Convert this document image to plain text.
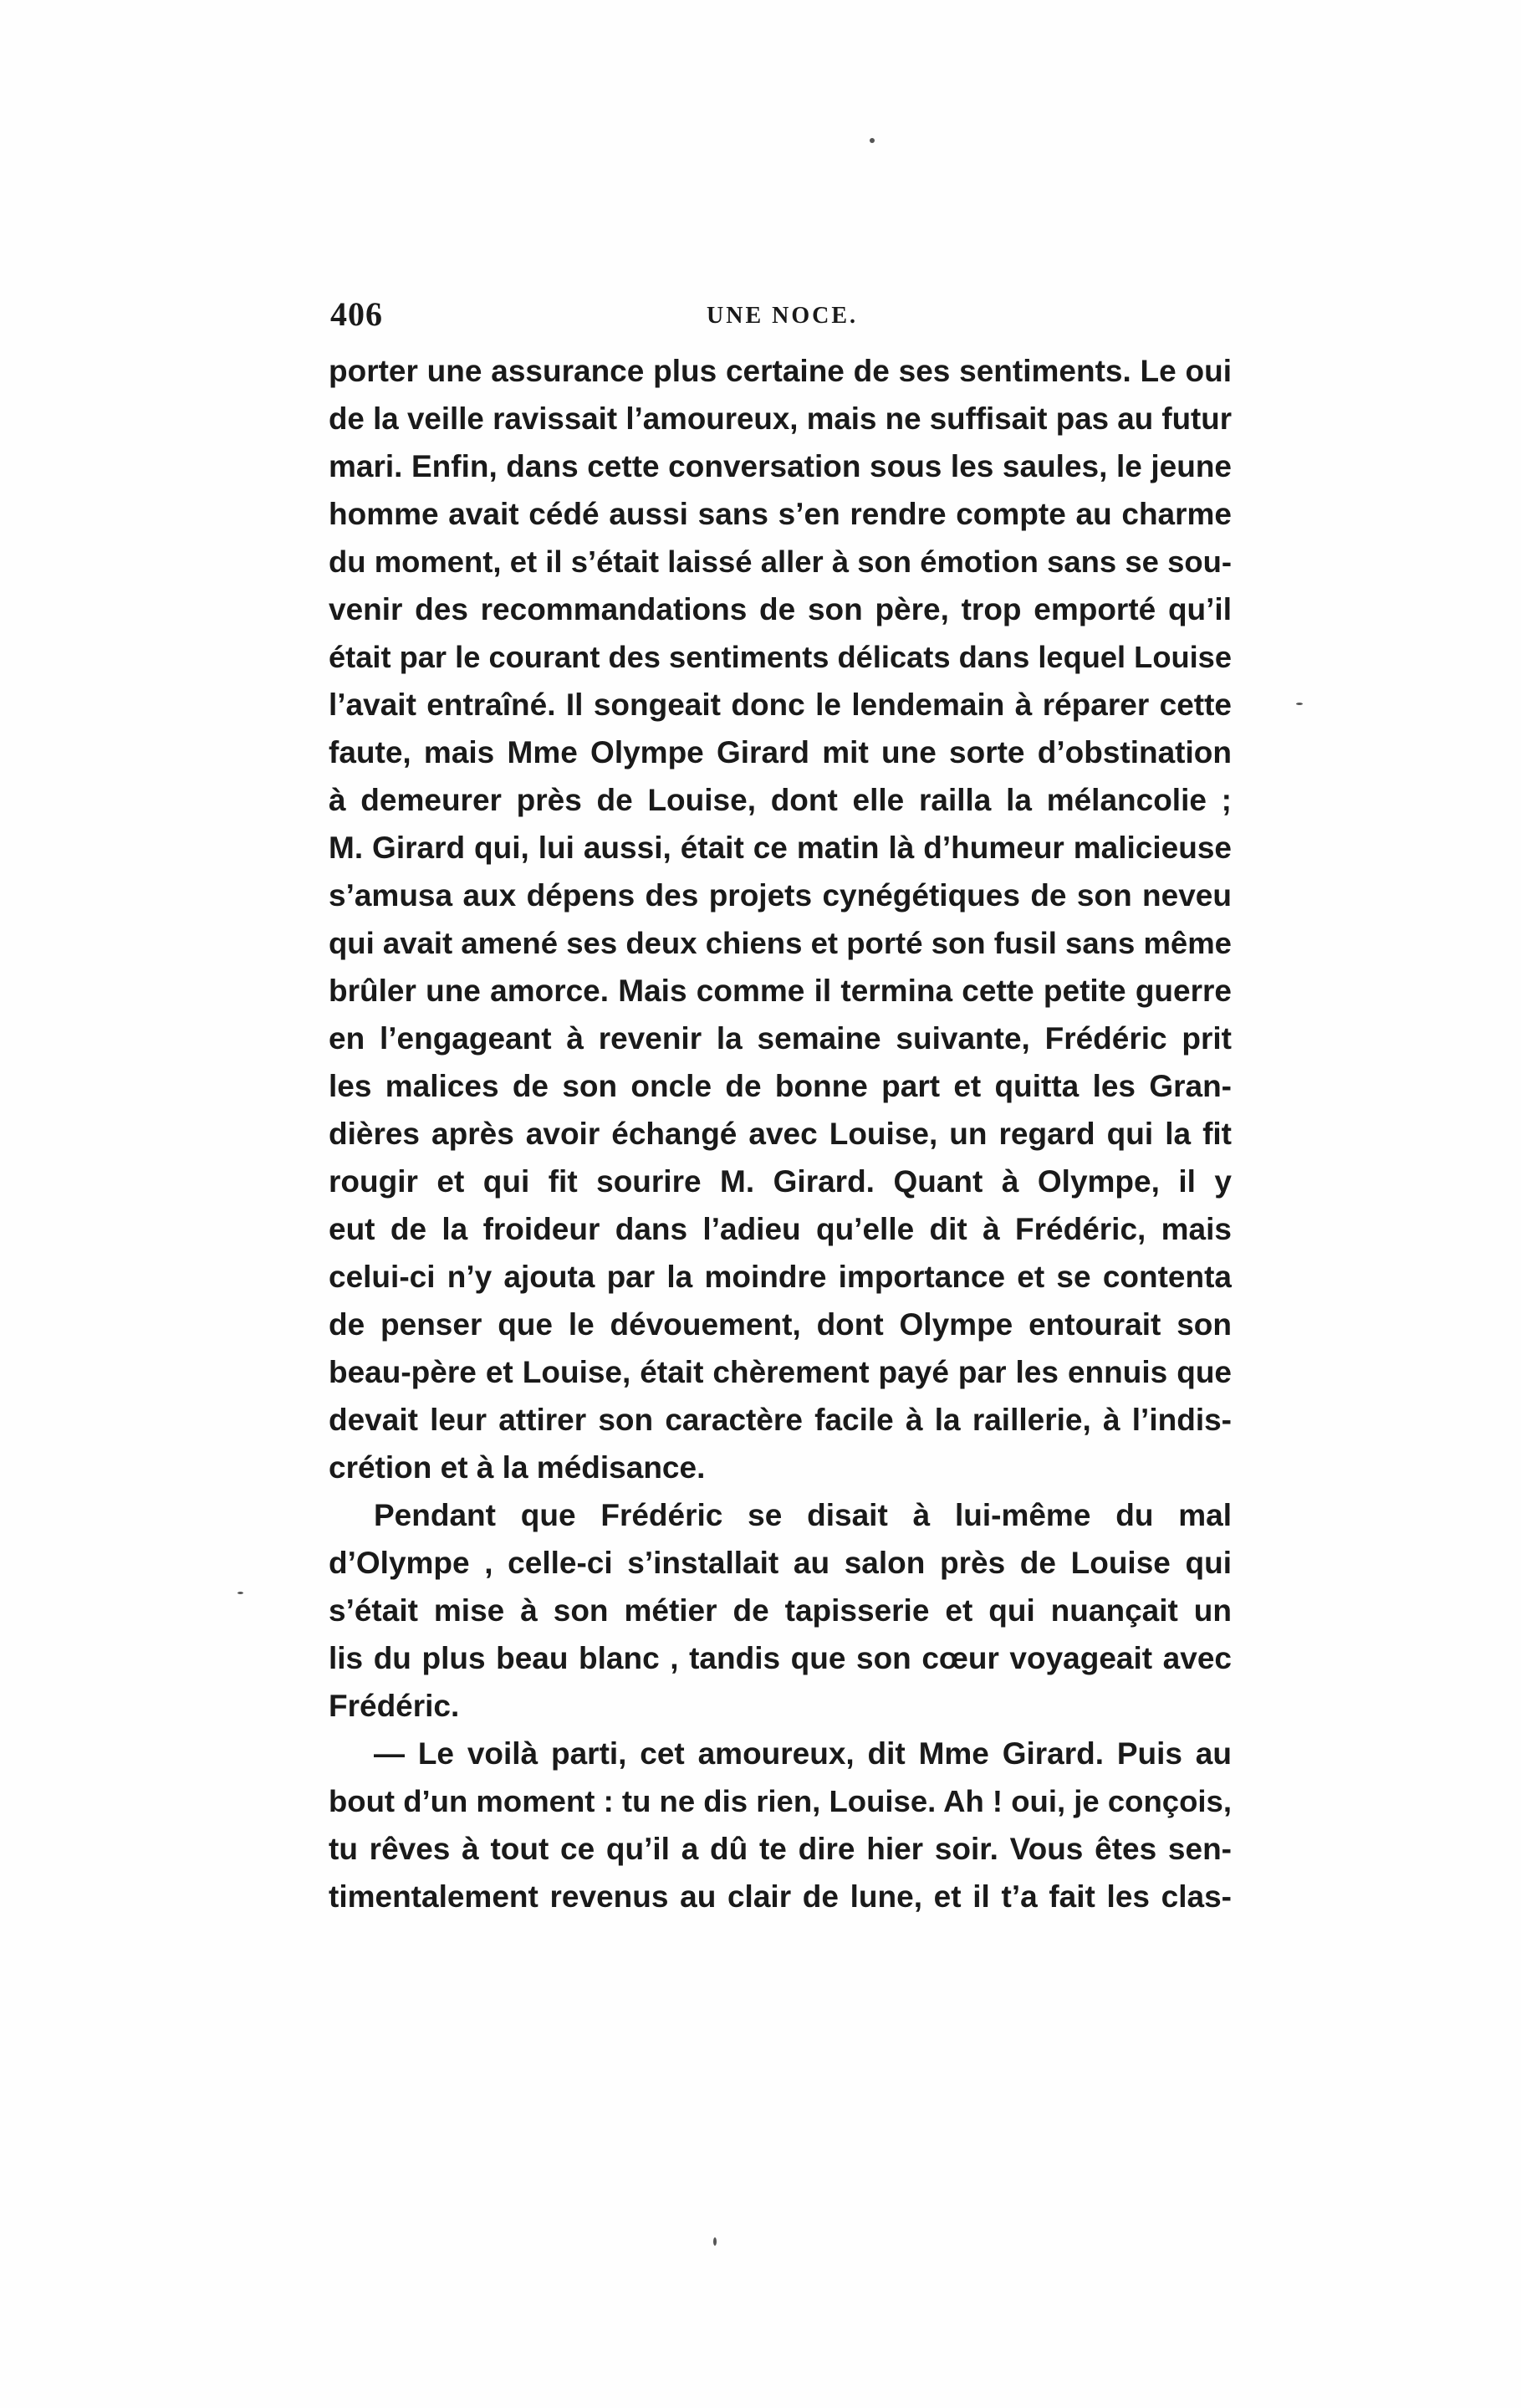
406	UNE NOCE.
porter une assurance plus certaine de ses sentiments. Le oui
de la veille ravissait l’amoureux, mais ne suffisait pas au futur
mari. Enfin, dans cette conversation sous les saules, le jeune
homme avait cédé aussi sans s’en rendre compte au charme
du moment, et il s’était laissé aller à son émotion sans se sou-
venir des recommandations de son père, trop emporté qu’il
était par le courant des sentiments délicats dans lequel Louise
l’avait entraîné. Il songeait donc le lendemain à réparer cette
faute, mais Mme Olympe Girard mit une sorte d’obstination
à demeurer près de Louise, dont elle railla la mélancolie ;
M. Girard qui, lui aussi, était ce matin là d’humeur malicieuse
s’amusa aux dépens des projets cynégétiques de son neveu
qui avait amené ses deux chiens et porté son fusil sans même
brûler une amorce. Mais comme il termina cette petite guerre
en l’engageant à revenir la semaine suivante, Frédéric prit
les malices de son oncle de bonne part et quitta les Gran-
dières après avoir échangé avec Louise, un regard qui la fit
rougir et qui fit sourire M. Girard. Quant à Olympe, il y
eut de la froideur dans l’adieu qu’elle dit à Frédéric, mais
celui-ci n’y ajouta par la moindre importance et se contenta
de penser que le dévouement, dont Olympe entourait son
beau-père et Louise, était chèrement payé par les ennuis que
devait leur attirer son caractère facile à la raillerie, à l’indis-
crétion et à la médisance.
Pendant que Frédéric se disait à lui-même du mal
d’Olympe , celle-ci s’installait au salon près de Louise qui
s’était mise à son métier de tapisserie et qui nuançait un
lis du plus beau blanc , tandis que son cœur voyageait avec
Frédéric.
— Le voilà parti, cet amoureux, dit Mme Girard. Puis au
bout d’un moment : tu ne dis rien, Louise. Ah ! oui, je conçois,
tu rêves à tout ce qu’il a dû te dire hier soir. Vous êtes sen-
timentalement revenus au clair de lune, et il t’a fait les clas-
